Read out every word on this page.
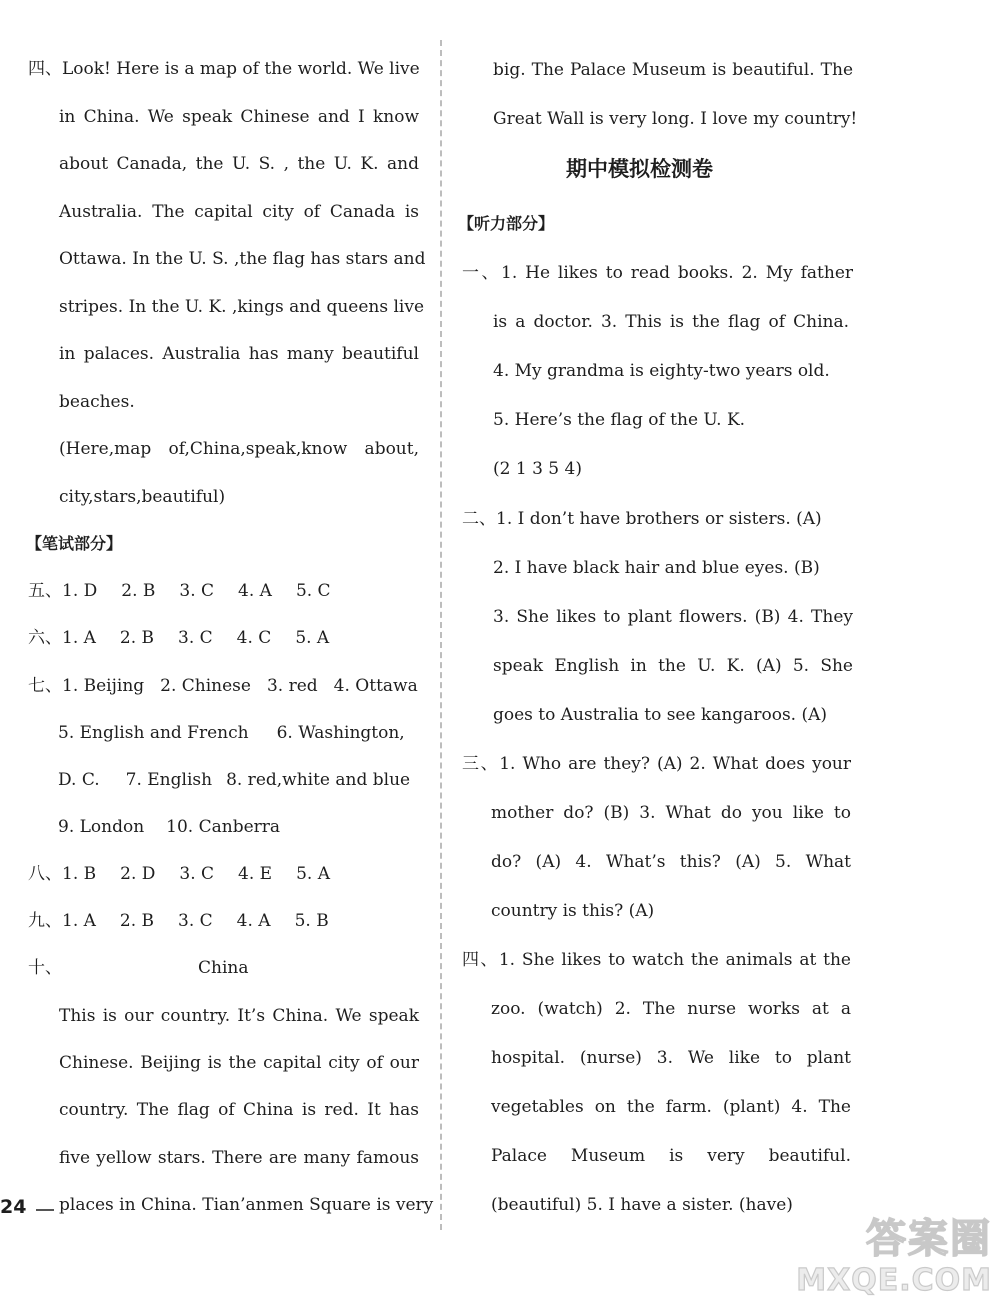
四、Look! Here is a map of the world. We live
in China. We speak Chinese and I know
about Canada, the U. S. , the U. K. and
Australia. The capital city of Canada is
Ottawa. In the U. S. ,the flag has stars and
stripes. In the U. K. ,kings and queens live
in palaces. Australia has many beautiful
beaches.
(Here,map of,China,speak,know about,
city,stars,beautiful)
【笔试部分】
五、1. D 2. B 3. C 4. A 5. C
六、1. A 2. B 3. C 4. C 5. A
七、1. Beijing 2. Chinese 3. red 4. Ottawa
5. English and French 6. Washington,
D. C. 7. English 8. red,white and blue
9. London 10. Canberra
八、1. B 2. D 3. C 4. E 5. A
九、1. A 2. B 3. C 4. A 5. B
十、	China
This is our country. It’s China. We speak
Chinese. Beijing is the capital city of our
country. The flag of China is red. It has
five yellow stars. There are many famous
places in China. Tian’anmen Square is very
big. The Palace Museum is beautiful. The
Great Wall is very long. I love my country!
期中模拟检测卷
【听力部分】
一、1. He likes to read books. 2. My father
is a doctor. 3. This is the flag of China.
4. My grandma is eighty-two years old.
5. Here’s the flag of the U. K.
(2 1 3 5 4)
二、1. I don’t have brothers or sisters. (A)
2. I have black hair and blue eyes. (B)
3. She likes to plant flowers. (B) 4. They
speak English in the U. K. (A) 5. She
goes to Australia to see kangaroos. (A)
三、1. Who are they? (A) 2. What does your
mother do? (B) 3. What do you like to
do? (A) 4. What’s this? (A) 5. What
country is this? (A)
四、1. She likes to watch the animals at the
zoo. (watch) 2. The nurse works at a
hospital. (nurse) 3. We like to plant
vegetables on the farm. (plant) 4. The
Palace Museum is very beautiful.
(beautiful) 5. I have a sister. (have)
24
答案圈
MXQE.COM
